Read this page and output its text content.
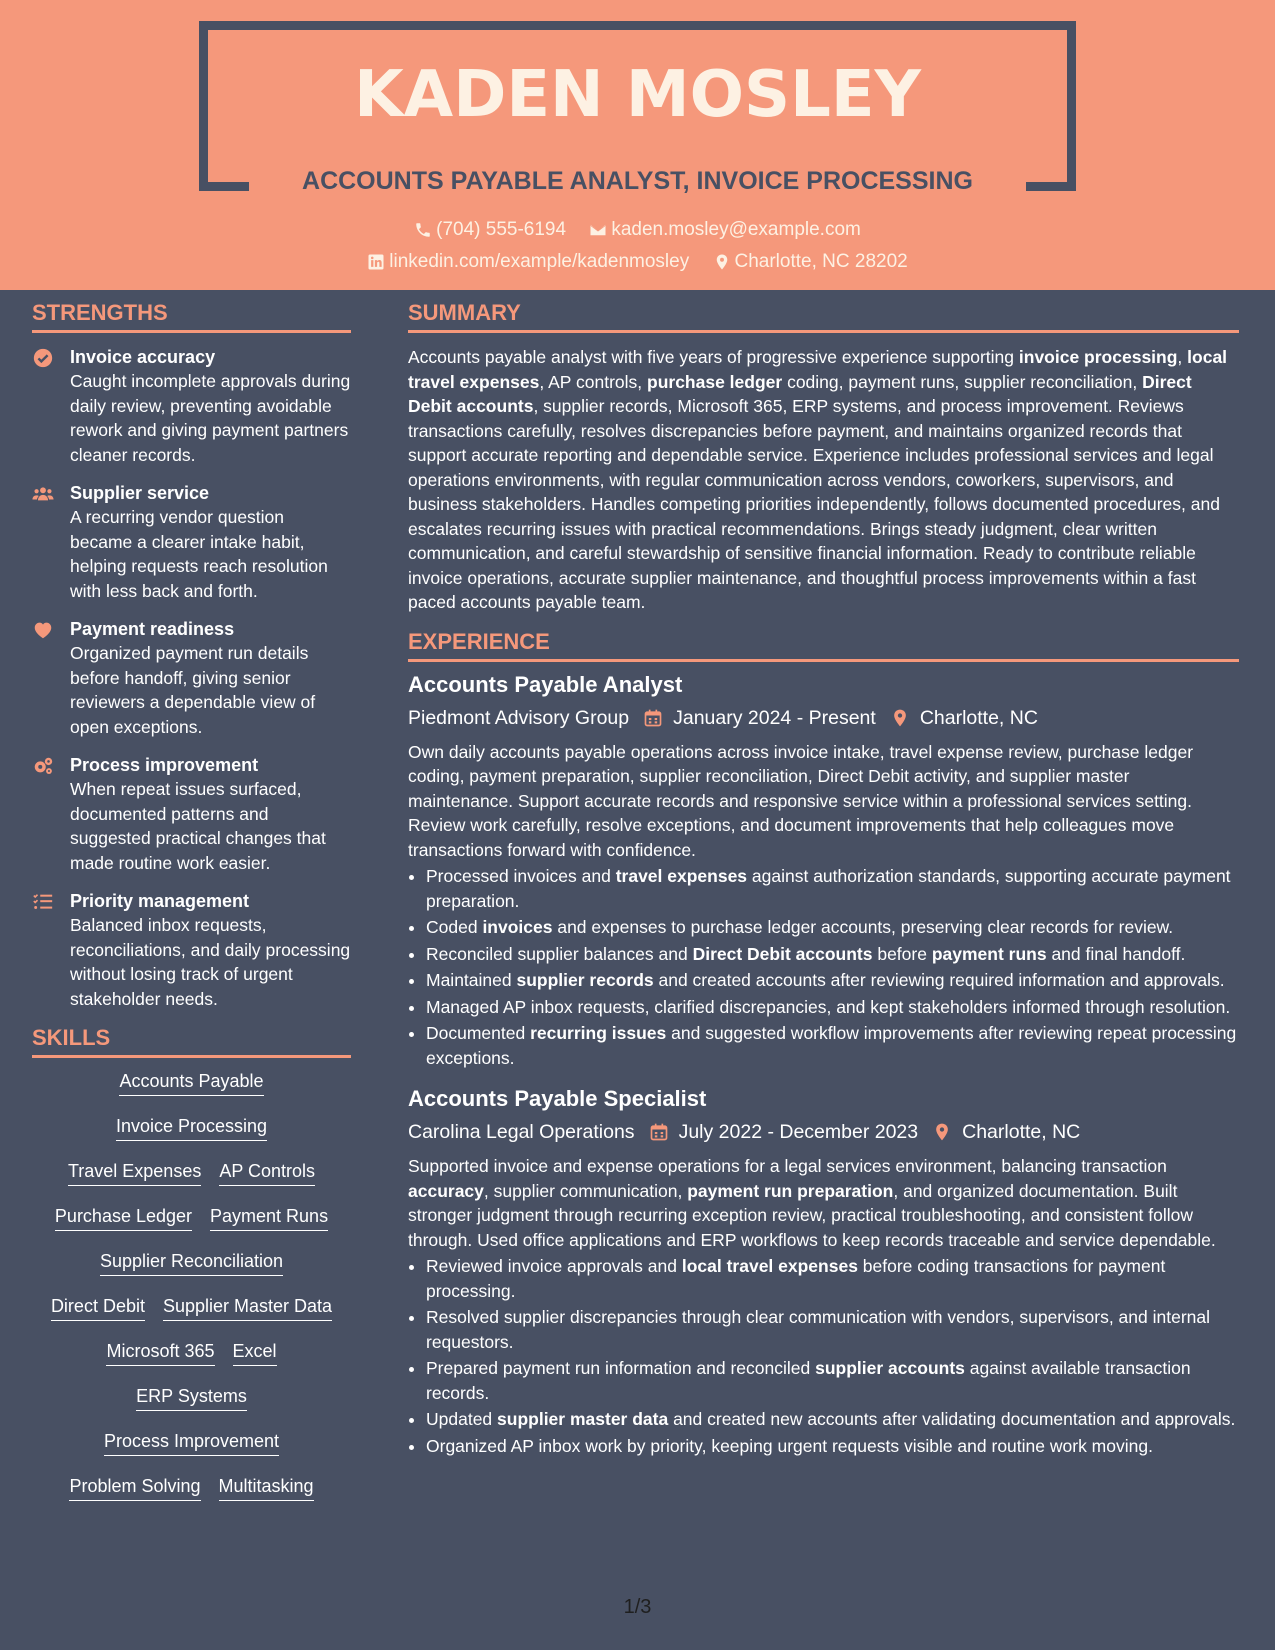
KADEN MOSLEY
ACCOUNTS PAYABLE ANALYST, INVOICE PROCESSING
(704) 555-6194
kaden.mosley@example.com
linkedin.com/example/kadenmosley
Charlotte, NC 28202
STRENGTHS
Invoice accuracy
Caught incomplete approvals during daily review, preventing avoidable rework and giving payment partners cleaner records.
Supplier service
A recurring vendor question became a clearer intake habit, helping requests reach resolution with less back and forth.
Payment readiness
Organized payment run details before handoff, giving senior reviewers a dependable view of open exceptions.
Process improvement
When repeat issues surfaced, documented patterns and suggested practical changes that made routine work easier.
Priority management
Balanced inbox requests, reconciliations, and daily processing without losing track of urgent stakeholder needs.
SKILLS
Accounts Payable
Invoice Processing
Travel Expenses AP Controls
Purchase Ledger Payment Runs
Supplier Reconciliation
Direct Debit Supplier Master Data
Microsoft 365 Excel
ERP Systems
Process Improvement
Problem Solving Multitasking
SUMMARY
Accounts payable analyst with five years of progressive experience supporting invoice processing, local travel expenses, AP controls, purchase ledger coding, payment runs, supplier reconciliation, Direct Debit accounts, supplier records, Microsoft 365, ERP systems, and process improvement. Reviews transactions carefully, resolves discrepancies before payment, and maintains organized records that support accurate reporting and dependable service. Experience includes professional services and legal operations environments, with regular communication across vendors, coworkers, supervisors, and business stakeholders. Handles competing priorities independently, follows documented procedures, and escalates recurring issues with practical recommendations. Brings steady judgment, clear written communication, and careful stewardship of sensitive financial information. Ready to contribute reliable invoice operations, accurate supplier maintenance, and thoughtful process improvements within a fast paced accounts payable team.
EXPERIENCE
Accounts Payable Analyst
Piedmont Advisory Group January 2024 - Present Charlotte, NC
Own daily accounts payable operations across invoice intake, travel expense review, purchase ledger coding, payment preparation, supplier reconciliation, Direct Debit activity, and supplier master maintenance. Support accurate records and responsive service within a professional services setting. Review work carefully, resolve exceptions, and document improvements that help colleagues move transactions forward with confidence.
• Processed invoices and travel expenses against authorization standards, supporting accurate payment preparation.
• Coded invoices and expenses to purchase ledger accounts, preserving clear records for review.
• Reconciled supplier balances and Direct Debit accounts before payment runs and final handoff.
• Maintained supplier records and created accounts after reviewing required information and approvals.
• Managed AP inbox requests, clarified discrepancies, and kept stakeholders informed through resolution.
• Documented recurring issues and suggested workflow improvements after reviewing repeat processing exceptions.
Accounts Payable Specialist
Carolina Legal Operations July 2022 - December 2023 Charlotte, NC
Supported invoice and expense operations for a legal services environment, balancing transaction accuracy, supplier communication, payment run preparation, and organized documentation. Built stronger judgment through recurring exception review, practical troubleshooting, and consistent follow through. Used office applications and ERP workflows to keep records traceable and service dependable.
• Reviewed invoice approvals and local travel expenses before coding transactions for payment processing.
• Resolved supplier discrepancies through clear communication with vendors, supervisors, and internal requestors.
• Prepared payment run information and reconciled supplier accounts against available transaction records.
• Updated supplier master data and created new accounts after validating documentation and approvals.
• Organized AP inbox work by priority, keeping urgent requests visible and routine work moving.
1/3
